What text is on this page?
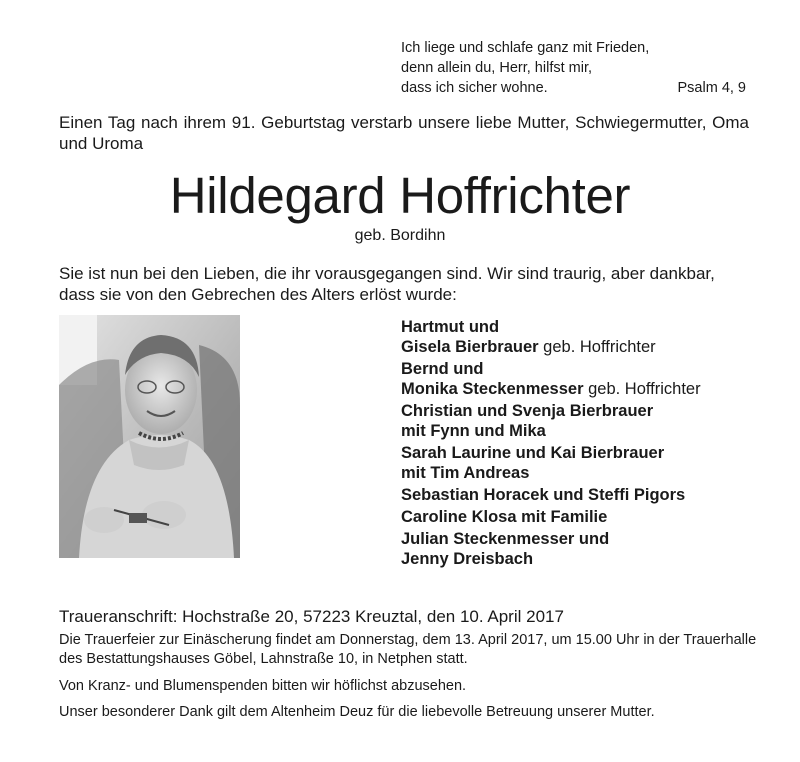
Ich liege und schlafe ganz mit Frieden,
denn allein du, Herr, hilfst mir,
dass ich sicher wohne.	Psalm 4, 9
Einen Tag nach ihrem 91. Geburtstag verstarb unsere liebe Mutter, Schwiegermutter, Oma und Uroma
Hildegard Hoffrichter
geb. Bordihn
Sie ist nun bei den Lieben, die ihr vorausgegangen sind. Wir sind traurig, aber dankbar,
dass sie von den Gebrechen des Alters erlöst wurde:
Hartmut und
Gisela Bierbrauer geb. Hoffrichter
Bernd und
Monika Steckenmesser geb. Hoffrichter
Christian und Svenja Bierbrauer
mit Fynn und Mika
Sarah Laurine und Kai Bierbrauer
mit Tim Andreas
Sebastian Horacek und Steffi Pigors
Caroline Klosa mit Familie
Julian Steckenmesser und
Jenny Dreisbach
Traueranschrift: Hochstraße 20, 57223 Kreuztal, den 10. April 2017
Die Trauerfeier zur Einäscherung findet am Donnerstag, dem 13. April 2017, um 15.00 Uhr in der Trauerhalle des Bestattungshauses Göbel, Lahnstraße 10, in Netphen statt.
Von Kranz- und Blumenspenden bitten wir höflichst abzusehen.
Unser besonderer Dank gilt dem Altenheim Deuz für die liebevolle Betreuung unserer Mutter.
